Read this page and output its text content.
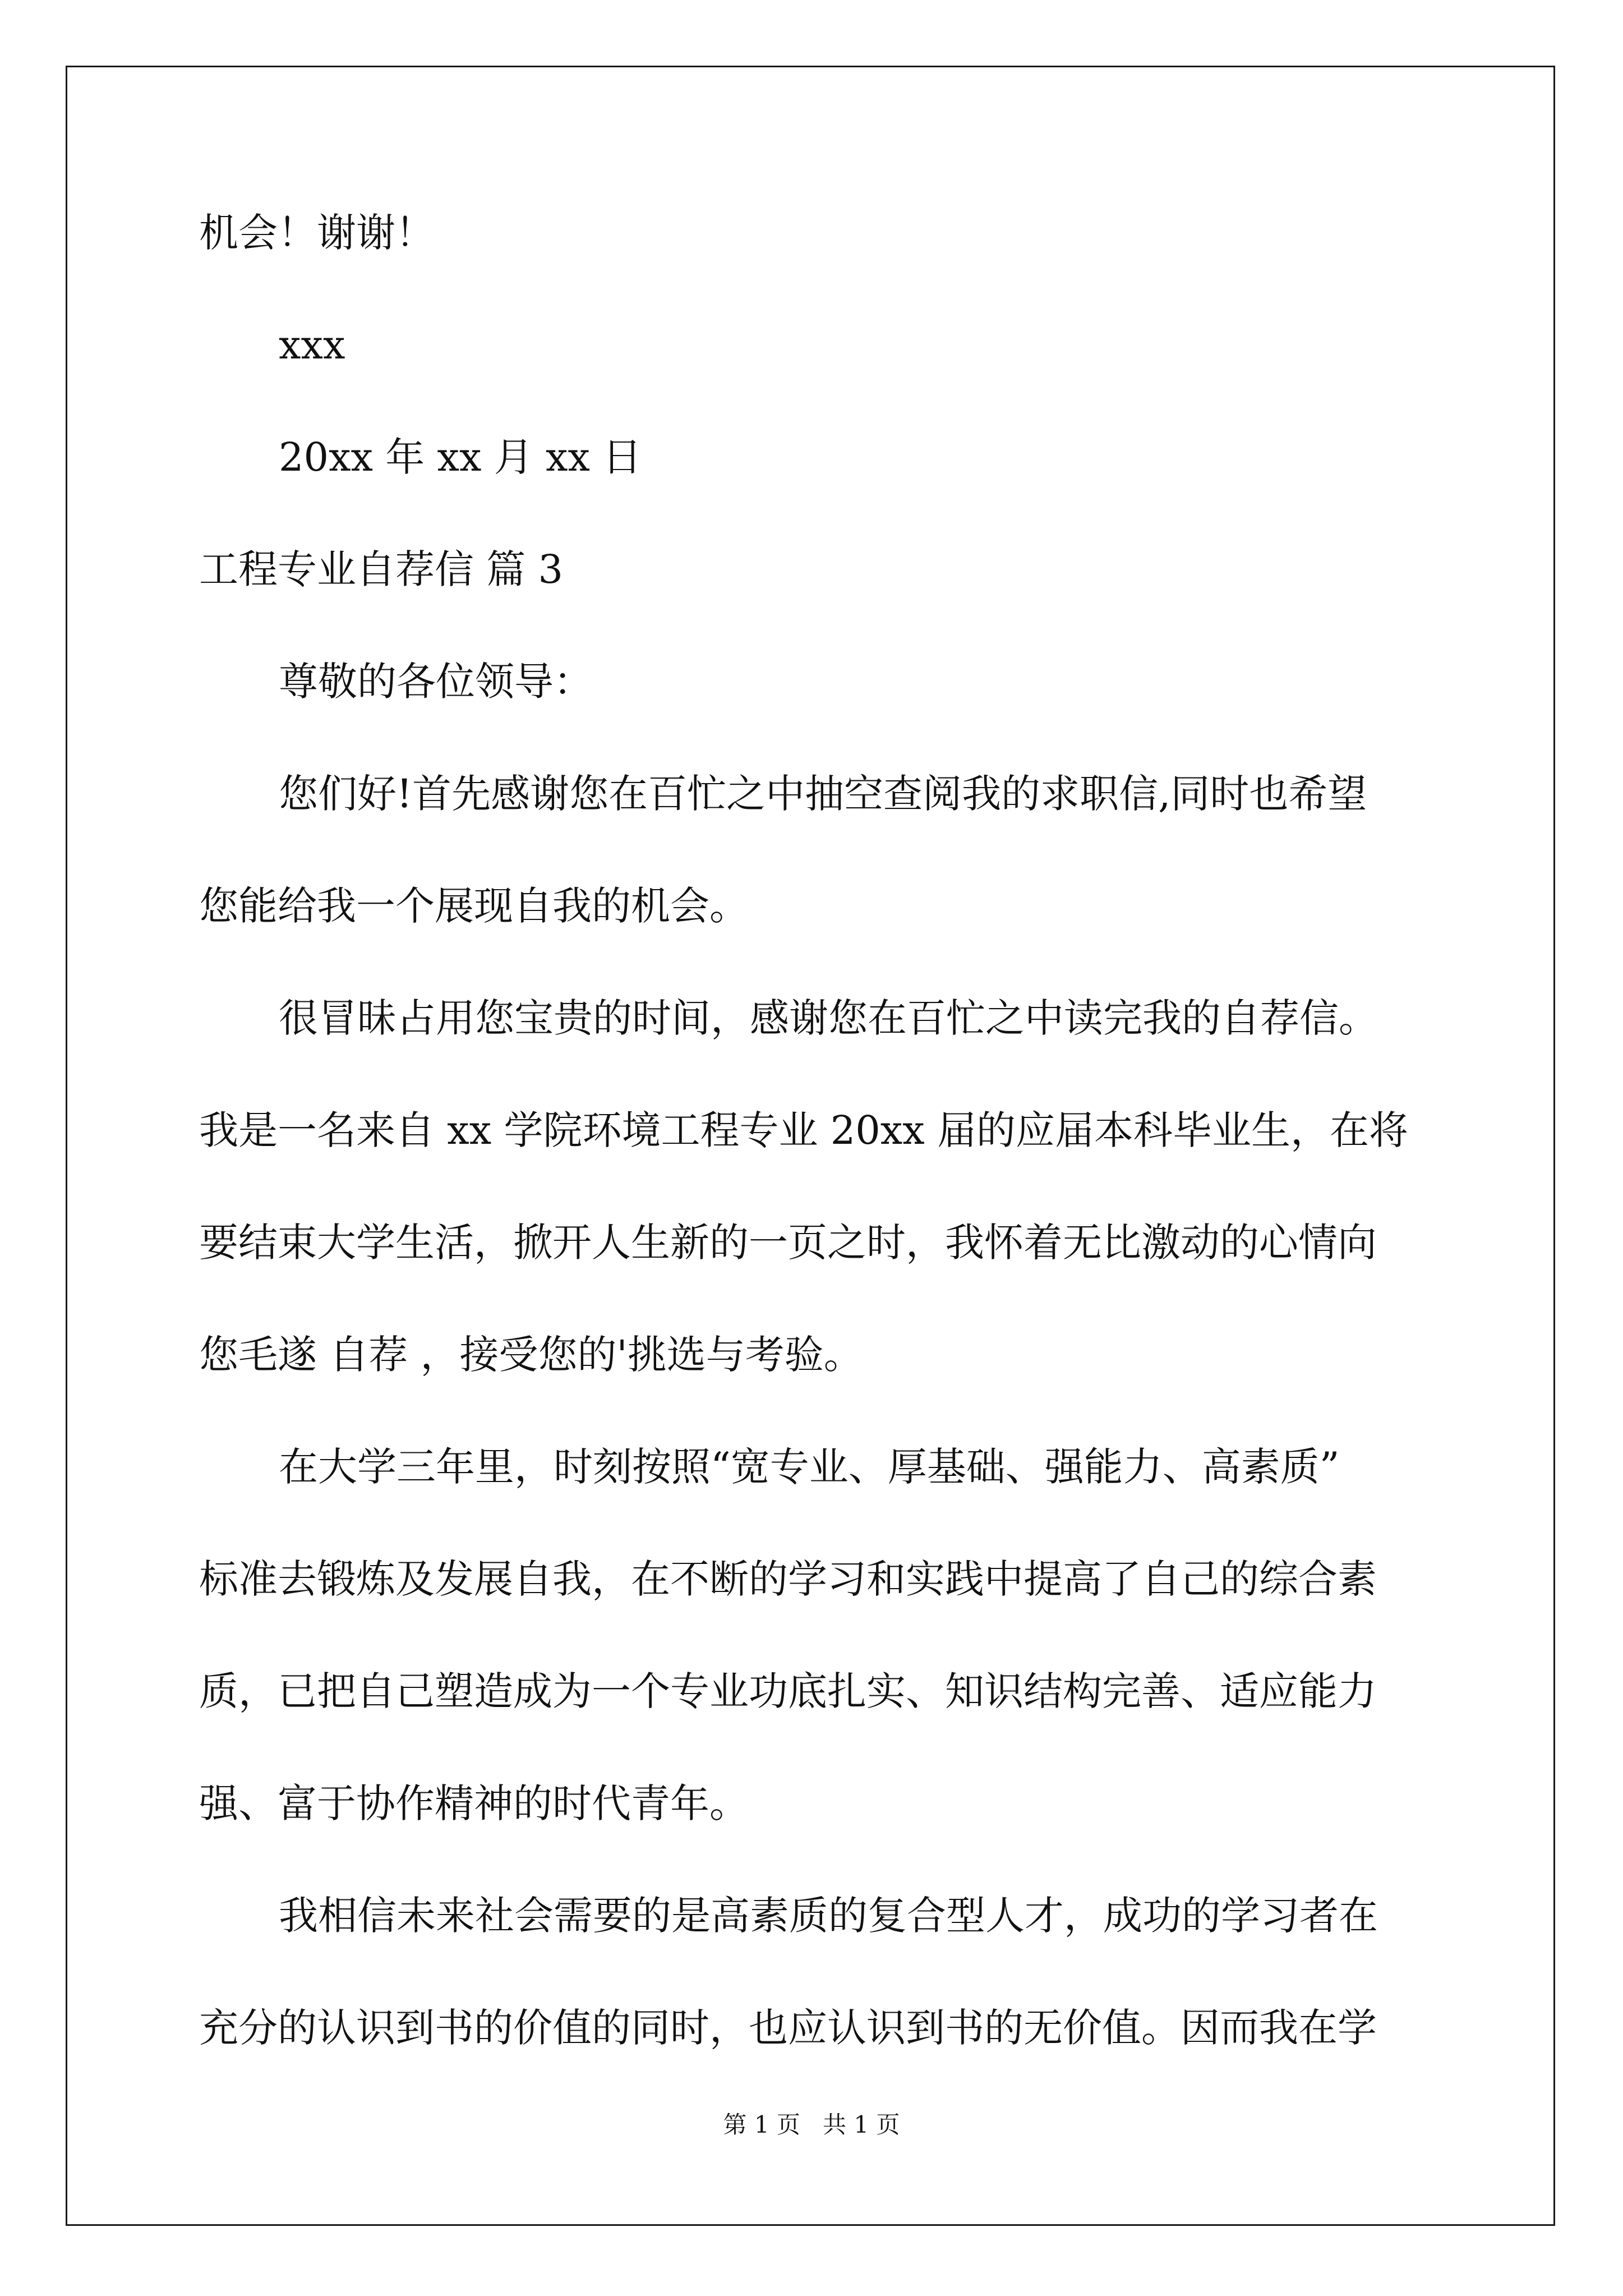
机会！谢谢！
xxx
20xx 年 xx 月 xx 日
工程专业自荐信 篇 3
尊敬的各位领导：
您们好!首先感谢您在百忙之中抽空查阅我的求职信,同时也希望
您能给我一个展现自我的机会。
很冒昧占用您宝贵的时间，感谢您在百忙之中读完我的自荐信。
我是一名来自 xx 学院环境工程专业 20xx 届的应届本科毕业生，在将
要结束大学生活，掀开人生新的一页之时，我怀着无比激动的心情向
您毛遂 自荐 ，接受您的'挑选与考验。
在大学三年里，时刻按照“宽专业、厚基础、强能力、高素质”
标准去锻炼及发展自我，在不断的学习和实践中提高了自己的综合素
质，已把自己塑造成为一个专业功底扎实、知识结构完善、适应能力
强、富于协作精神的时代青年。
我相信未来社会需要的是高素质的复合型人才，成功的学习者在
充分的认识到书的价值的同时，也应认识到书的无价值。因而我在学
第 1 页   共 1 页
